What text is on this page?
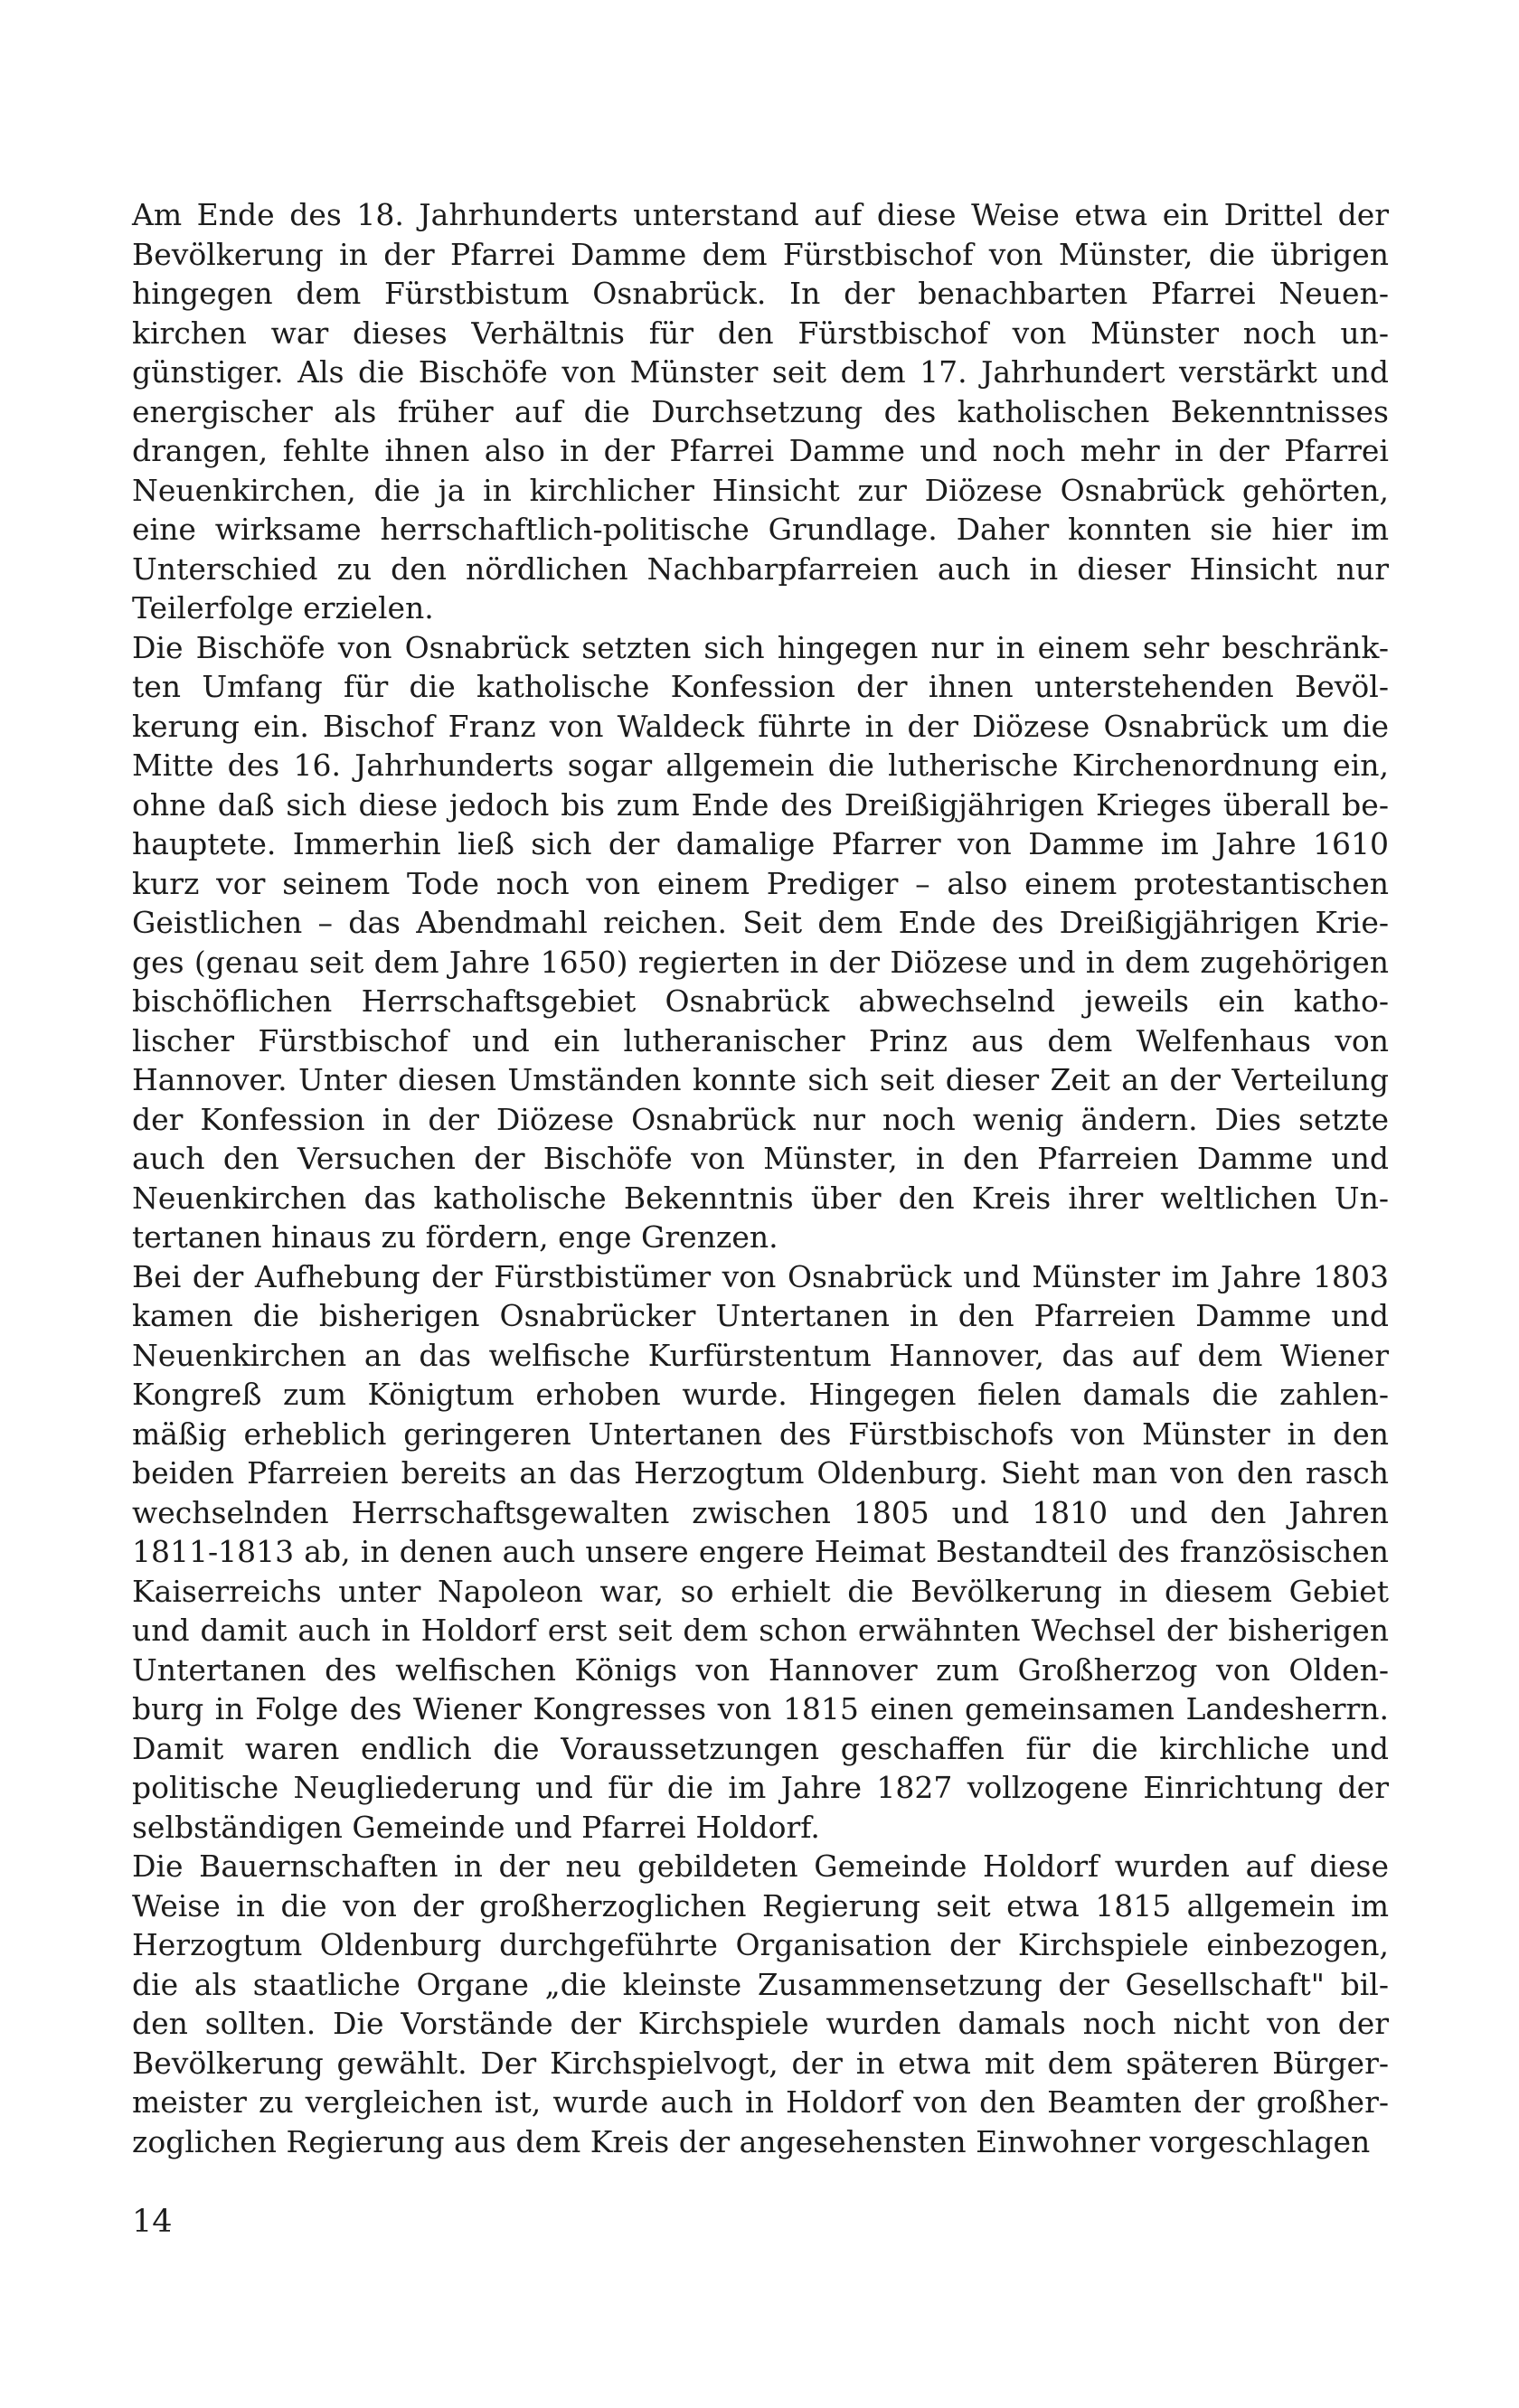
Am Ende des 18. Jahrhunderts unterstand auf diese Weise etwa ein Drittel der
Bevölkerung in der Pfarrei Damme dem Fürstbischof von Münster, die übrigen
hingegen dem Fürstbistum Osnabrück. In der benachbarten Pfarrei Neuen-
kirchen war dieses Verhältnis für den Fürstbischof von Münster noch un-
günstiger. Als die Bischöfe von Münster seit dem 17. Jahrhundert verstärkt und
energischer als früher auf die Durchsetzung des katholischen Bekenntnisses
drangen, fehlte ihnen also in der Pfarrei Damme und noch mehr in der Pfarrei
Neuenkirchen, die ja in kirchlicher Hinsicht zur Diözese Osnabrück gehörten,
eine wirksame herrschaftlich-politische Grundlage. Daher konnten sie hier im
Unterschied zu den nördlichen Nachbarpfarreien auch in dieser Hinsicht nur
Teilerfolge erzielen.
Die Bischöfe von Osnabrück setzten sich hingegen nur in einem sehr beschränk-
ten Umfang für die katholische Konfession der ihnen unterstehenden Bevöl-
kerung ein. Bischof Franz von Waldeck führte in der Diözese Osnabrück um die
Mitte des 16. Jahrhunderts sogar allgemein die lutherische Kirchenordnung ein,
ohne daß sich diese jedoch bis zum Ende des Dreißigjährigen Krieges überall be-
hauptete. Immerhin ließ sich der damalige Pfarrer von Damme im Jahre 1610
kurz vor seinem Tode noch von einem Prediger – also einem protestantischen
Geistlichen – das Abendmahl reichen. Seit dem Ende des Dreißigjährigen Krie-
ges (genau seit dem Jahre 1650) regierten in der Diözese und in dem zugehörigen
bischöflichen Herrschaftsgebiet Osnabrück abwechselnd jeweils ein katho-
lischer Fürstbischof und ein lutheranischer Prinz aus dem Welfenhaus von
Hannover. Unter diesen Umständen konnte sich seit dieser Zeit an der Verteilung
der Konfession in der Diözese Osnabrück nur noch wenig ändern. Dies setzte
auch den Versuchen der Bischöfe von Münster, in den Pfarreien Damme und
Neuenkirchen das katholische Bekenntnis über den Kreis ihrer weltlichen Un-
tertanen hinaus zu fördern, enge Grenzen.
Bei der Aufhebung der Fürstbistümer von Osnabrück und Münster im Jahre 1803
kamen die bisherigen Osnabrücker Untertanen in den Pfarreien Damme und
Neuenkirchen an das welfische Kurfürstentum Hannover, das auf dem Wiener
Kongreß zum Königtum erhoben wurde. Hingegen fielen damals die zahlen-
mäßig erheblich geringeren Untertanen des Fürstbischofs von Münster in den
beiden Pfarreien bereits an das Herzogtum Oldenburg. Sieht man von den rasch
wechselnden Herrschaftsgewalten zwischen 1805 und 1810 und den Jahren
1811-1813 ab, in denen auch unsere engere Heimat Bestandteil des französischen
Kaiserreichs unter Napoleon war, so erhielt die Bevölkerung in diesem Gebiet
und damit auch in Holdorf erst seit dem schon erwähnten Wechsel der bisherigen
Untertanen des welfischen Königs von Hannover zum Großherzog von Olden-
burg in Folge des Wiener Kongresses von 1815 einen gemeinsamen Landesherrn.
Damit waren endlich die Voraussetzungen geschaffen für die kirchliche und
politische Neugliederung und für die im Jahre 1827 vollzogene Einrichtung der
selbständigen Gemeinde und Pfarrei Holdorf.
Die Bauernschaften in der neu gebildeten Gemeinde Holdorf wurden auf diese
Weise in die von der großherzoglichen Regierung seit etwa 1815 allgemein im
Herzogtum Oldenburg durchgeführte Organisation der Kirchspiele einbezogen,
die als staatliche Organe „die kleinste Zusammensetzung der Gesellschaft" bil-
den sollten. Die Vorstände der Kirchspiele wurden damals noch nicht von der
Bevölkerung gewählt. Der Kirchspielvogt, der in etwa mit dem späteren Bürger-
meister zu vergleichen ist, wurde auch in Holdorf von den Beamten der großher-
zoglichen Regierung aus dem Kreis der angesehensten Einwohner vorgeschlagen
14
